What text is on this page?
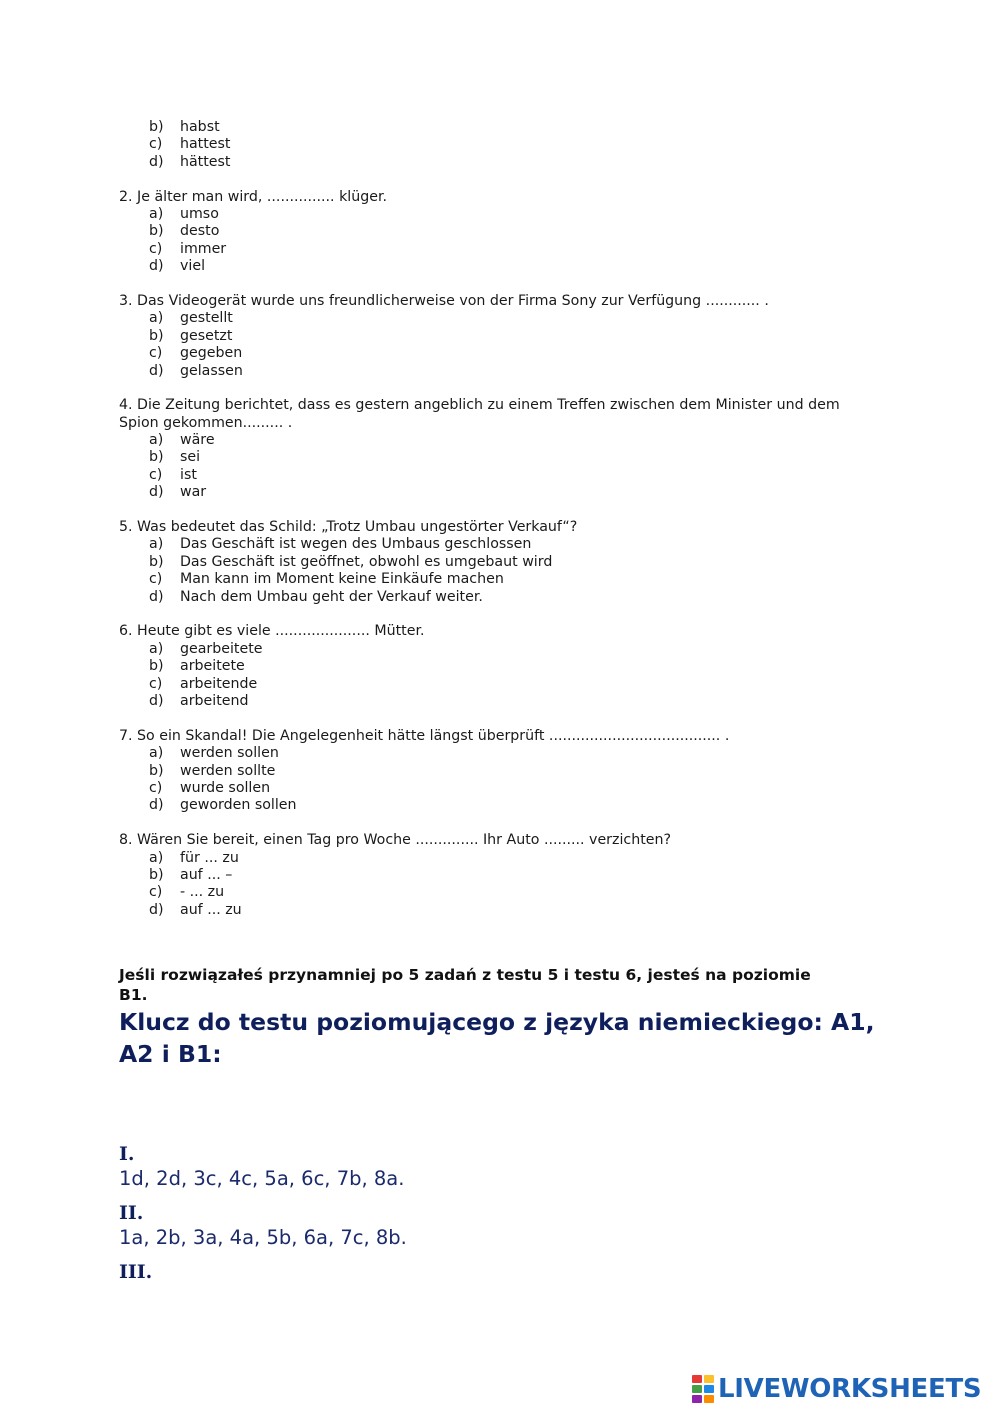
b) habst
c) hattest
d) hättest
2. Je älter man wird, ............... klüger.
a) umso
b) desto
c) immer
d) viel
3. Das Videogerät wurde uns freundlicherweise von der Firma Sony zur Verfügung ............ .
a) gestellt
b) gesetzt
c) gegeben
d) gelassen
4. Die Zeitung berichtet, dass es gestern angeblich zu einem Treffen zwischen dem Minister und dem
Spion gekommen......... .
a) wäre
b) sei
c) ist
d) war
5. Was bedeutet das Schild: „Trotz Umbau ungestörter Verkauf“?
a) Das Geschäft ist wegen des Umbaus geschlossen
b) Das Geschäft ist geöffnet, obwohl es umgebaut wird
c) Man kann im Moment keine Einkäufe machen
d) Nach dem Umbau geht der Verkauf weiter.
6. Heute gibt es viele ..................... Mütter.
a) gearbeitete
b) arbeitete
c) arbeitende
d) arbeitend
7. So ein Skandal! Die Angelegenheit hätte längst überprüft ...................................... .
a) werden sollen
b) werden sollte
c) wurde sollen
d) geworden sollen
8. Wären Sie bereit, einen Tag pro Woche .............. Ihr Auto ......... verzichten?
a) für ... zu
b) auf ... –
c) - ... zu
d) auf ... zu
Jeśli rozwiązałeś przynamniej po 5 zadań z testu 5 i testu 6, jesteś na poziomie
B1.
Klucz do testu poziomującego z języka niemieckiego: A1,
A2 i B1:
I.
1d, 2d, 3c, 4c, 5a, 6c, 7b, 8a.
II.
1a, 2b, 3a, 4a, 5b, 6a, 7c, 8b.
III.
LIVEWORKSHEETS
